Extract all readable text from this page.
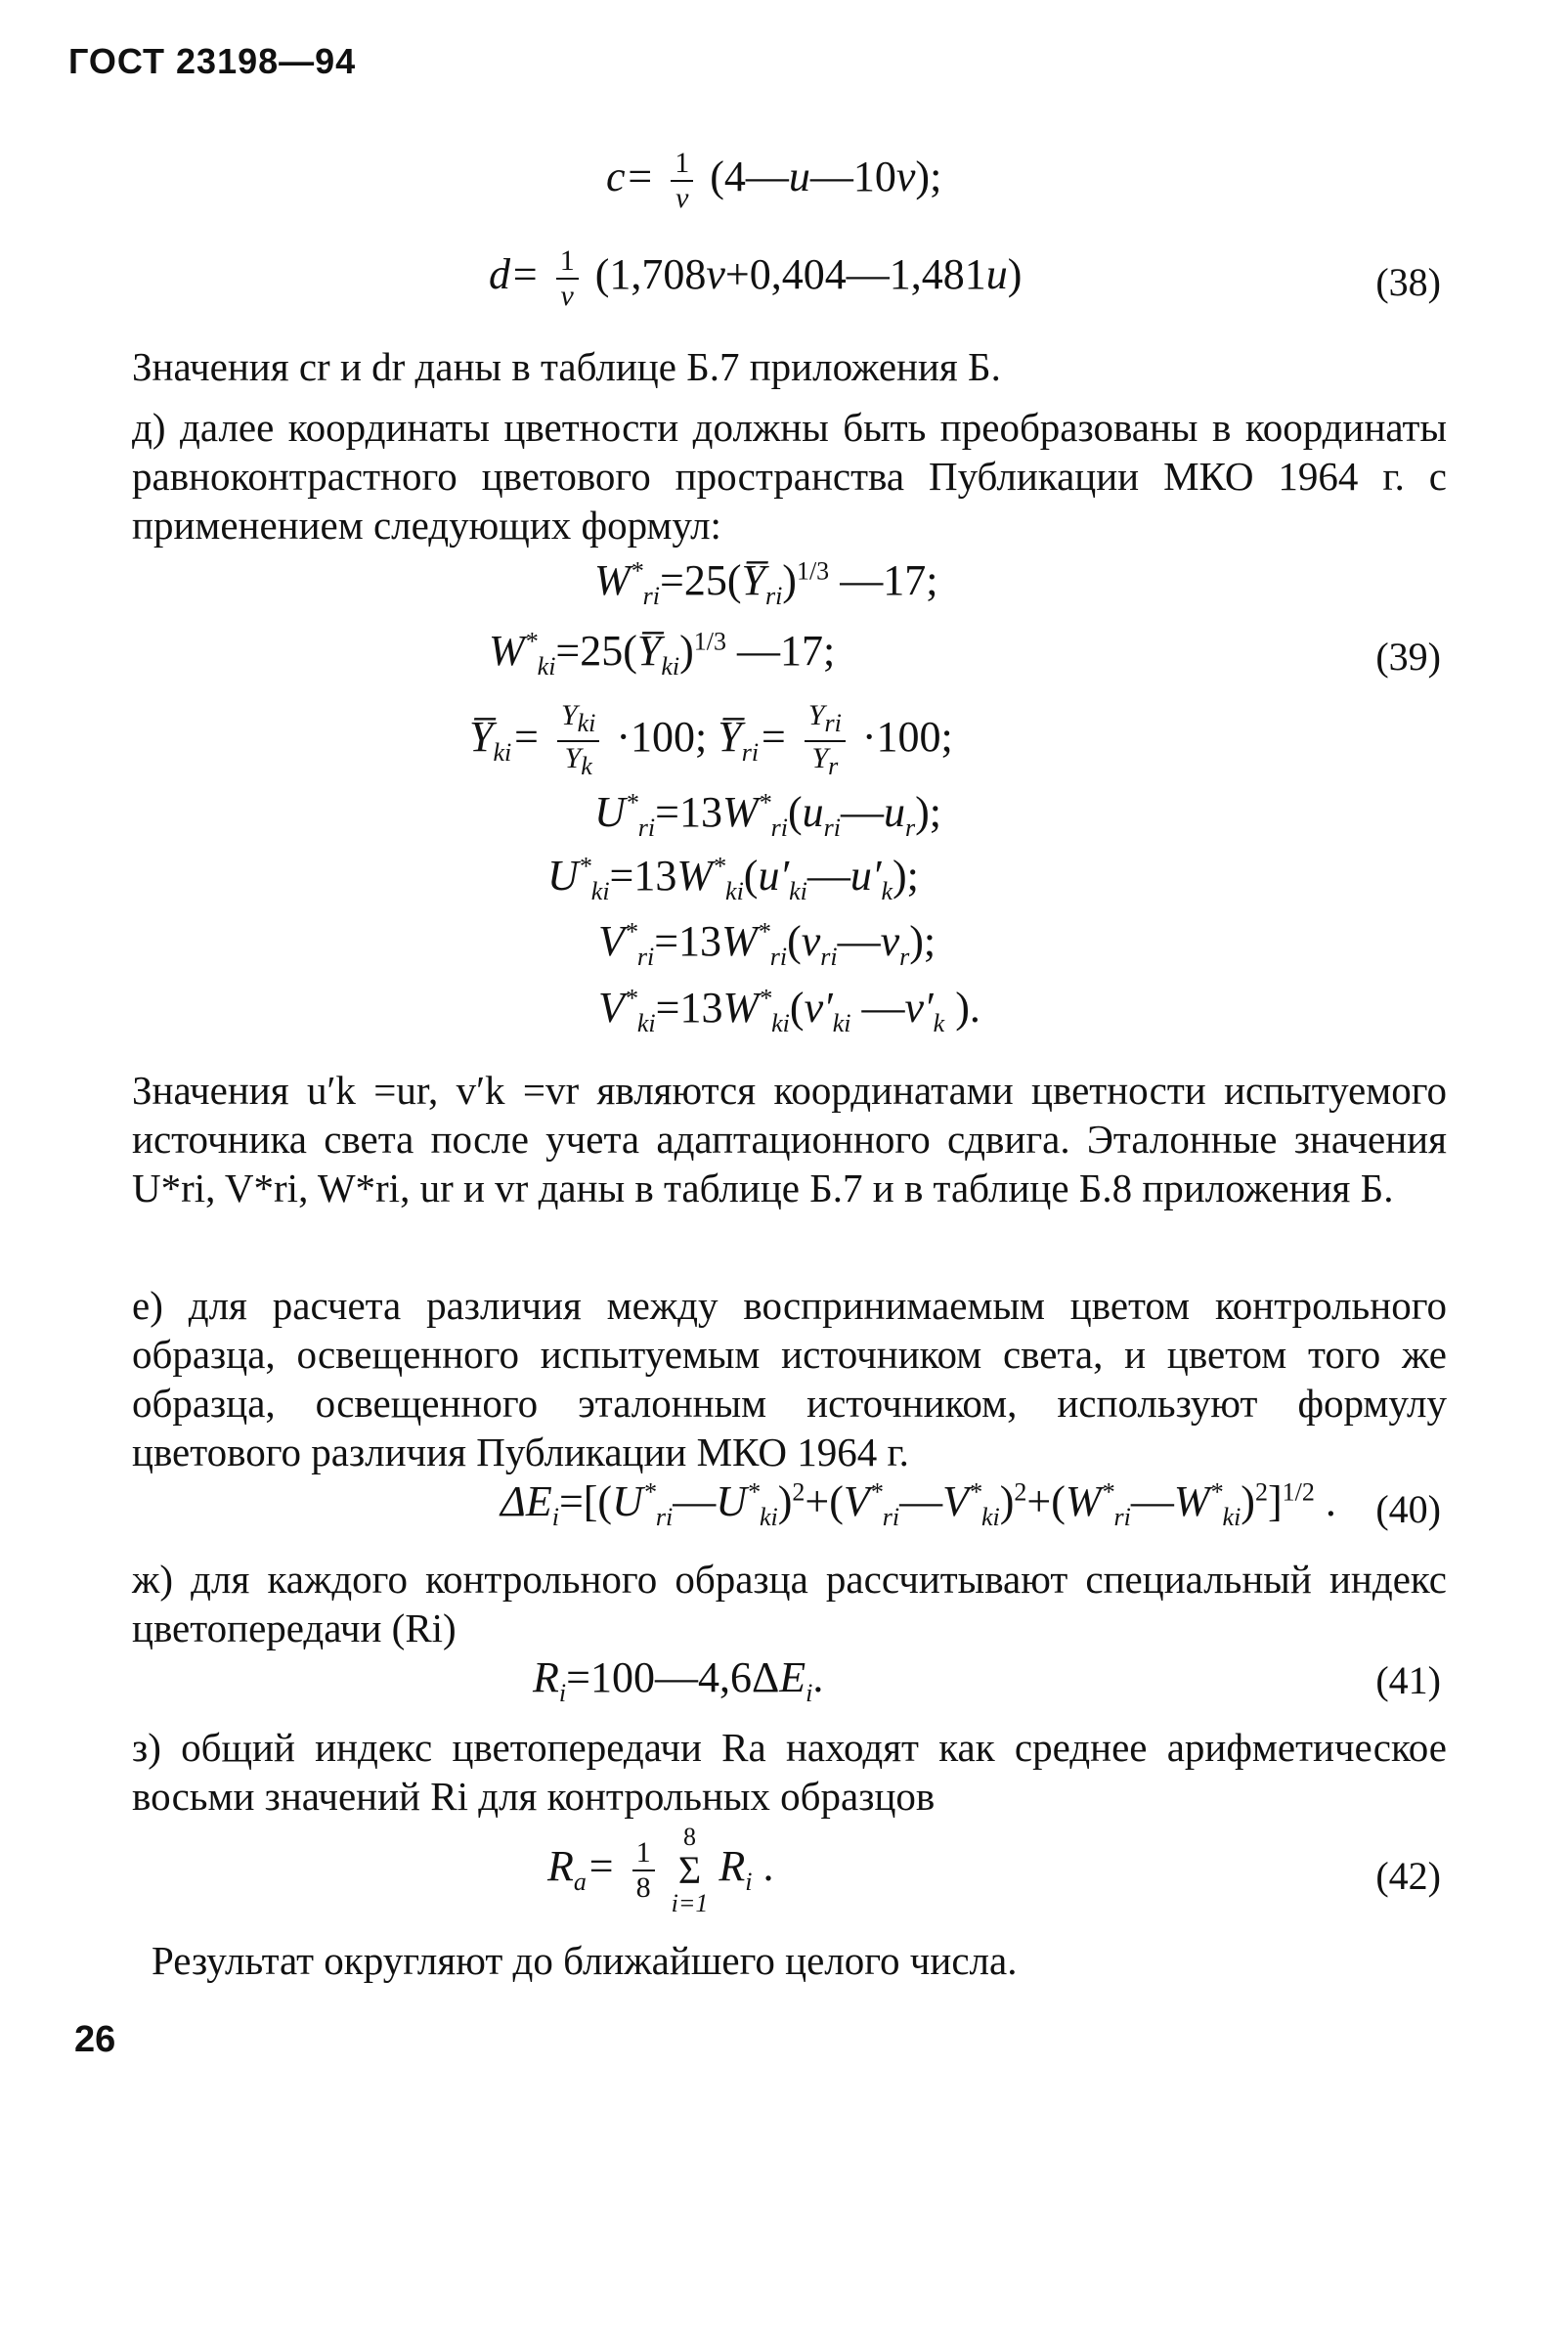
ГОСТ 23198—94
$c= \frac{1}{v}$ (4—u—10v);
$d= \frac{1}{v}$ (1,708v+0,404—1,481u)	(38)
Значения cr и dr даны в таблице Б.7 приложения Б.
д) далее координаты цветности должны быть преобразованы в координаты равноконтрастного цветового пространства Публикации МКО 1964 г. с применением следующих формул:
$W^*_{ri}=25(Y̅_{ri})^{1/3}$ —17;
$W^*_{ki}=25(Y̅_{ki})^{1/3}$ —17;	(39)
$Y̅_{ki}= \frac{Y_{ki}}{Y_k} \cdot 100$; $Y̅_{ri}= \frac{Y_{ri}}{Y_r} \cdot 100$;
$U^*_{ri}=13W^*_{ri}(u_{ri}—u_r)$;
$U^*_{ki}=13W^*_{ki}(u'_{ki}—u'_k)$;
$V^*_{ri}=13W^*_{ri}(v_{ri}—v_r)$;
$V^*_{ki}=13W^*_{ki}(v'_{ki}$ $—v'_k$ ).
Значения u′k =ur, v′k =vr являются координатами цветности испытуемого источника света после учета адаптационного сдвига. Эталонные значения U*ri, V*ri, W*ri, ur и vr даны в таблице Б.7 и в таблице Б.8 приложения Б.
е) для расчета различия между воспринимаемым цветом контрольного образца, освещенного испытуемым источником света, и цветом того же образца, освещенного эталонным источником, используют формулу цветового различия Публикации МКО 1964 г.
$\Delta E_i=[(U^*_{ri}—U^*_{ki})^2+(V^*_{ri}—V^*_{ki})^2+(W^*_{ri}—W^*_{ki})^2]^{1/2}$ . (40)
ж) для каждого контрольного образца рассчитывают специальный индекс цветопередачи (Ri)
$R_i=100—4,6\Delta E_i$.	(41)
з) общий индекс цветопередачи Ra находят как среднее арифметическое восьми значений Ri для контрольных образцов
$R_a= \frac{1}{8}$
	8
Σ
i=1
$R_i$ .	(42)
Результат округляют до ближайшего целого числа.
26
